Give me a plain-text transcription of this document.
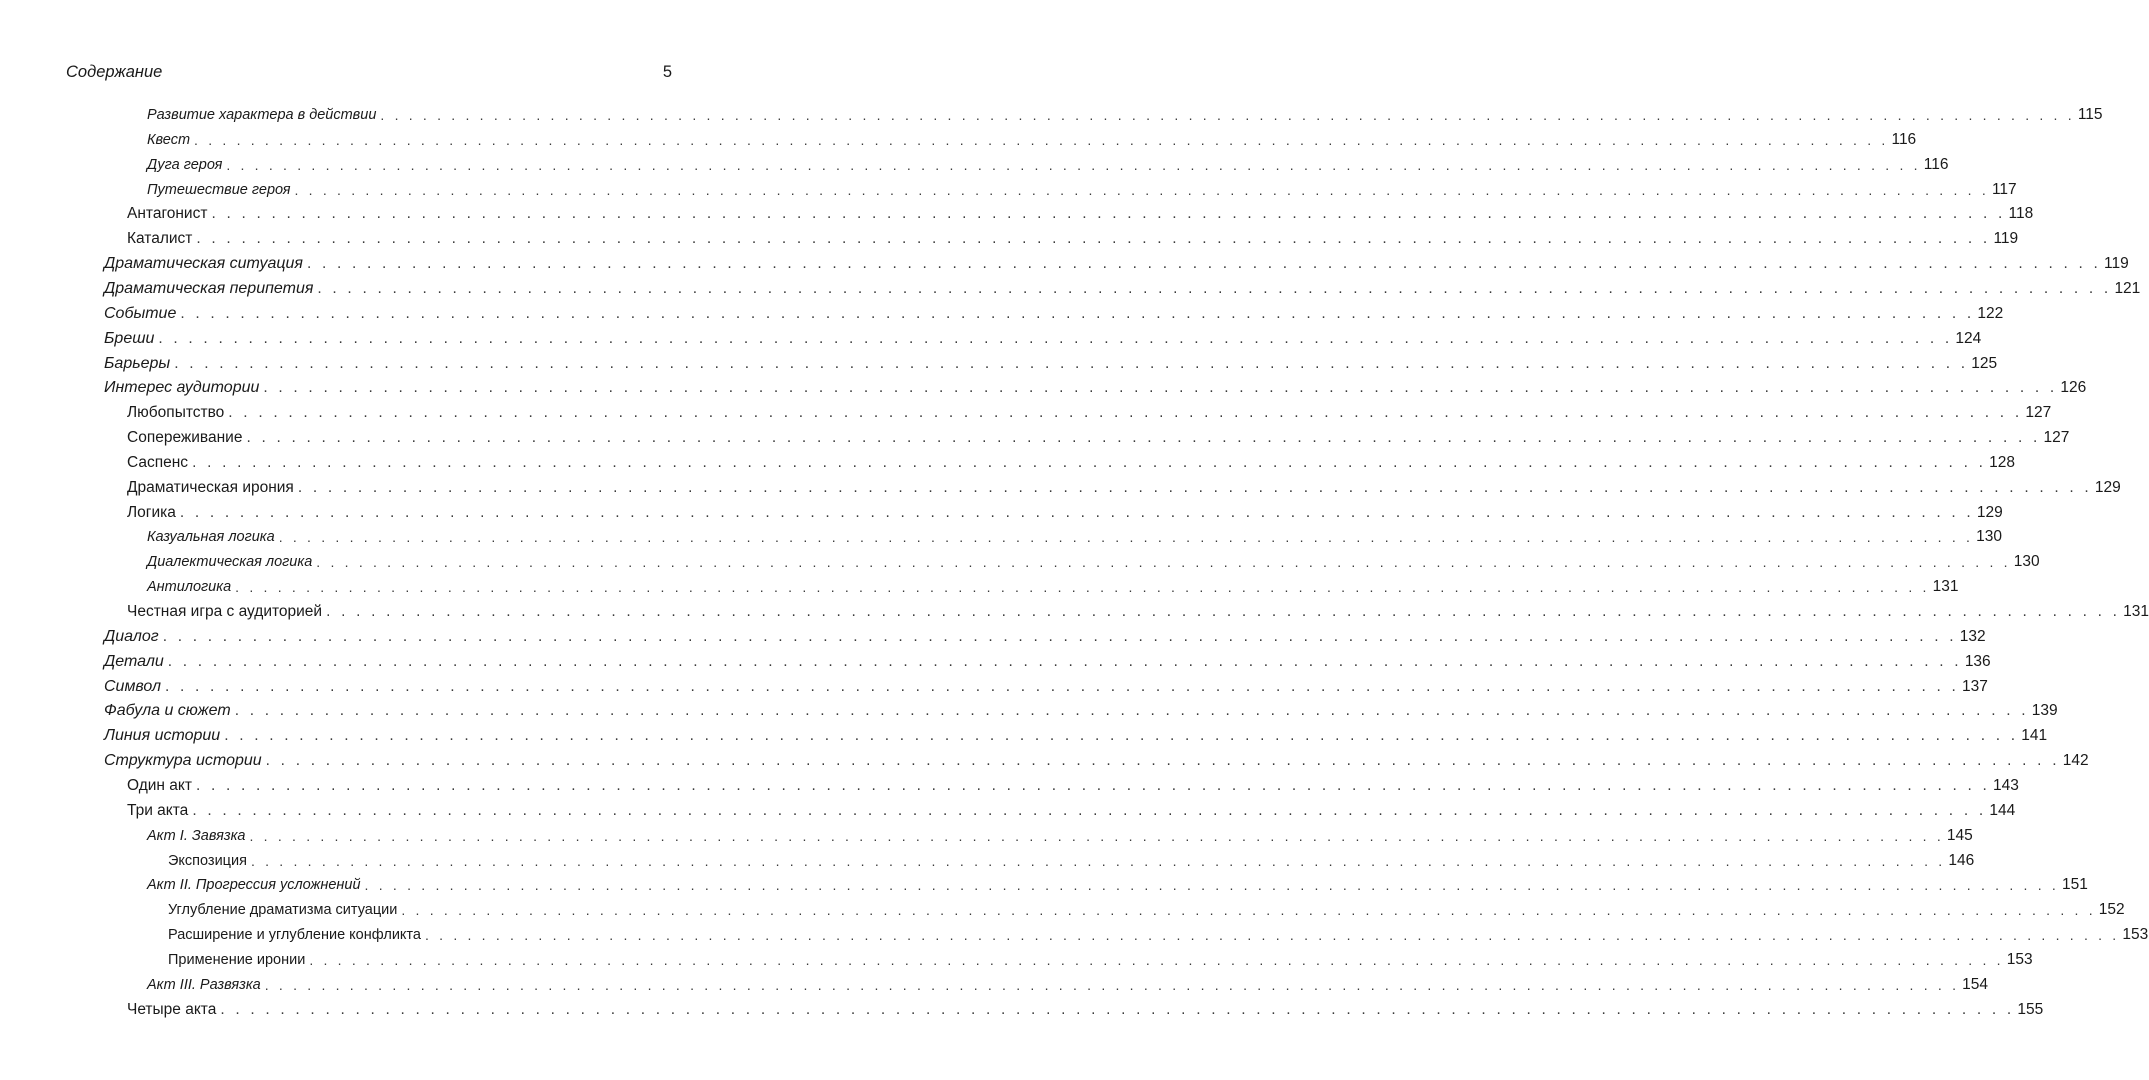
Содержание	5
Развитие характера в действии . . . . . . . . . . . . . . . . . . . . . . . . . . . . . . . . . . . . . . . . . . . . . . . . . . . . . . . . . . . . . . . . . . . . . . . . . . . . . . . . . . . . . . . . . . . . . . . . . . . . . . . . . . . . . . . . . . . . . . . . 115
Квест . . . . . . . . . . . . . . . . . . . . . . . . . . . . . . . . . . . . . . . . . . . . . . . . . . . . . . . . . . . . . . . . . . . . . . . . . . . . . . . . . . . . . . . . . . . . . . . . . . . . . . . . . . . . . . . . . . . . . . . . 116
Дуга героя . . . . . . . . . . . . . . . . . . . . . . . . . . . . . . . . . . . . . . . . . . . . . . . . . . . . . . . . . . . . . . . . . . . . . . . . . . . . . . . . . . . . . . . . . . . . . . . . . . . . . . . . . . . . . . . . . . . . . . . . 116
Путешествие героя . . . . . . . . . . . . . . . . . . . . . . . . . . . . . . . . . . . . . . . . . . . . . . . . . . . . . . . . . . . . . . . . . . . . . . . . . . . . . . . . . . . . . . . . . . . . . . . . . . . . . . . . . . . . . . . . . . . . . . . . 117
Антагонист . . . . . . . . . . . . . . . . . . . . . . . . . . . . . . . . . . . . . . . . . . . . . . . . . . . . . . . . . . . . . . . . . . . . . . . . . . . . . . . . . . . . . . . . . . . . . . . . . . . . . . . . . . . . . . . . . . . . . . . . 118
Каталист . . . . . . . . . . . . . . . . . . . . . . . . . . . . . . . . . . . . . . . . . . . . . . . . . . . . . . . . . . . . . . . . . . . . . . . . . . . . . . . . . . . . . . . . . . . . . . . . . . . . . . . . . . . . . . . . . . . . . . . . 119
Драматическая ситуация . . . . . . . . . . . . . . . . . . . . . . . . . . . . . . . . . . . . . . . . . . . . . . . . . . . . . . . . . . . . . . . . . . . . . . . . . . . . . . . . . . . . . . . . . . . . . . . . . . . . . . . . . . . . . . . . . . . . . . . . 119
Драматическая перипетия . . . . . . . . . . . . . . . . . . . . . . . . . . . . . . . . . . . . . . . . . . . . . . . . . . . . . . . . . . . . . . . . . . . . . . . . . . . . . . . . . . . . . . . . . . . . . . . . . . . . . . . . . . . . . . . . . . . . . . . . 121
Событие . . . . . . . . . . . . . . . . . . . . . . . . . . . . . . . . . . . . . . . . . . . . . . . . . . . . . . . . . . . . . . . . . . . . . . . . . . . . . . . . . . . . . . . . . . . . . . . . . . . . . . . . . . . . . . . . . . . . . . . . 122
Бреши . . . . . . . . . . . . . . . . . . . . . . . . . . . . . . . . . . . . . . . . . . . . . . . . . . . . . . . . . . . . . . . . . . . . . . . . . . . . . . . . . . . . . . . . . . . . . . . . . . . . . . . . . . . . . . . . . . . . . . . . 124
Барьеры . . . . . . . . . . . . . . . . . . . . . . . . . . . . . . . . . . . . . . . . . . . . . . . . . . . . . . . . . . . . . . . . . . . . . . . . . . . . . . . . . . . . . . . . . . . . . . . . . . . . . . . . . . . . . . . . . . . . . . . . 125
Интерес аудитории . . . . . . . . . . . . . . . . . . . . . . . . . . . . . . . . . . . . . . . . . . . . . . . . . . . . . . . . . . . . . . . . . . . . . . . . . . . . . . . . . . . . . . . . . . . . . . . . . . . . . . . . . . . . . . . . . . . . . . . . 126
Любопытство . . . . . . . . . . . . . . . . . . . . . . . . . . . . . . . . . . . . . . . . . . . . . . . . . . . . . . . . . . . . . . . . . . . . . . . . . . . . . . . . . . . . . . . . . . . . . . . . . . . . . . . . . . . . . . . . . . . . . . . . 127
Сопереживание . . . . . . . . . . . . . . . . . . . . . . . . . . . . . . . . . . . . . . . . . . . . . . . . . . . . . . . . . . . . . . . . . . . . . . . . . . . . . . . . . . . . . . . . . . . . . . . . . . . . . . . . . . . . . . . . . . . . . . . . 127
Саспенс . . . . . . . . . . . . . . . . . . . . . . . . . . . . . . . . . . . . . . . . . . . . . . . . . . . . . . . . . . . . . . . . . . . . . . . . . . . . . . . . . . . . . . . . . . . . . . . . . . . . . . . . . . . . . . . . . . . . . . . . 128
Драматическая ирония . . . . . . . . . . . . . . . . . . . . . . . . . . . . . . . . . . . . . . . . . . . . . . . . . . . . . . . . . . . . . . . . . . . . . . . . . . . . . . . . . . . . . . . . . . . . . . . . . . . . . . . . . . . . . . . . . . . . . . . . 129
Логика . . . . . . . . . . . . . . . . . . . . . . . . . . . . . . . . . . . . . . . . . . . . . . . . . . . . . . . . . . . . . . . . . . . . . . . . . . . . . . . . . . . . . . . . . . . . . . . . . . . . . . . . . . . . . . . . . . . . . . . . 129
Казуальная логика . . . . . . . . . . . . . . . . . . . . . . . . . . . . . . . . . . . . . . . . . . . . . . . . . . . . . . . . . . . . . . . . . . . . . . . . . . . . . . . . . . . . . . . . . . . . . . . . . . . . . . . . . . . . . . . . . . . . . . . . 130
Диалектическая логика . . . . . . . . . . . . . . . . . . . . . . . . . . . . . . . . . . . . . . . . . . . . . . . . . . . . . . . . . . . . . . . . . . . . . . . . . . . . . . . . . . . . . . . . . . . . . . . . . . . . . . . . . . . . . . . . . . . . . . . . 130
Антилогика . . . . . . . . . . . . . . . . . . . . . . . . . . . . . . . . . . . . . . . . . . . . . . . . . . . . . . . . . . . . . . . . . . . . . . . . . . . . . . . . . . . . . . . . . . . . . . . . . . . . . . . . . . . . . . . . . . . . . . . . 131
Честная игра с аудиторией . . . . . . . . . . . . . . . . . . . . . . . . . . . . . . . . . . . . . . . . . . . . . . . . . . . . . . . . . . . . . . . . . . . . . . . . . . . . . . . . . . . . . . . . . . . . . . . . . . . . . . . . . . . . . . . . . . . . . . . . 131
Диалог . . . . . . . . . . . . . . . . . . . . . . . . . . . . . . . . . . . . . . . . . . . . . . . . . . . . . . . . . . . . . . . . . . . . . . . . . . . . . . . . . . . . . . . . . . . . . . . . . . . . . . . . . . . . . . . . . . . . . . . . 132
Детали . . . . . . . . . . . . . . . . . . . . . . . . . . . . . . . . . . . . . . . . . . . . . . . . . . . . . . . . . . . . . . . . . . . . . . . . . . . . . . . . . . . . . . . . . . . . . . . . . . . . . . . . . . . . . . . . . . . . . . . . 136
Символ . . . . . . . . . . . . . . . . . . . . . . . . . . . . . . . . . . . . . . . . . . . . . . . . . . . . . . . . . . . . . . . . . . . . . . . . . . . . . . . . . . . . . . . . . . . . . . . . . . . . . . . . . . . . . . . . . . . . . . . . 137
Фабула и сюжет . . . . . . . . . . . . . . . . . . . . . . . . . . . . . . . . . . . . . . . . . . . . . . . . . . . . . . . . . . . . . . . . . . . . . . . . . . . . . . . . . . . . . . . . . . . . . . . . . . . . . . . . . . . . . . . . . . . . . . . . 139
Линия истории . . . . . . . . . . . . . . . . . . . . . . . . . . . . . . . . . . . . . . . . . . . . . . . . . . . . . . . . . . . . . . . . . . . . . . . . . . . . . . . . . . . . . . . . . . . . . . . . . . . . . . . . . . . . . . . . . . . . . . . . 141
Структура истории . . . . . . . . . . . . . . . . . . . . . . . . . . . . . . . . . . . . . . . . . . . . . . . . . . . . . . . . . . . . . . . . . . . . . . . . . . . . . . . . . . . . . . . . . . . . . . . . . . . . . . . . . . . . . . . . . . . . . . . . 142
Один акт . . . . . . . . . . . . . . . . . . . . . . . . . . . . . . . . . . . . . . . . . . . . . . . . . . . . . . . . . . . . . . . . . . . . . . . . . . . . . . . . . . . . . . . . . . . . . . . . . . . . . . . . . . . . . . . . . . . . . . . . 143
Три акта . . . . . . . . . . . . . . . . . . . . . . . . . . . . . . . . . . . . . . . . . . . . . . . . . . . . . . . . . . . . . . . . . . . . . . . . . . . . . . . . . . . . . . . . . . . . . . . . . . . . . . . . . . . . . . . . . . . . . . . . 144
Акт I. Завязка . . . . . . . . . . . . . . . . . . . . . . . . . . . . . . . . . . . . . . . . . . . . . . . . . . . . . . . . . . . . . . . . . . . . . . . . . . . . . . . . . . . . . . . . . . . . . . . . . . . . . . . . . . . . . . . . . . . . . . . . 145
Экспозиция . . . . . . . . . . . . . . . . . . . . . . . . . . . . . . . . . . . . . . . . . . . . . . . . . . . . . . . . . . . . . . . . . . . . . . . . . . . . . . . . . . . . . . . . . . . . . . . . . . . . . . . . . . . . . . . . . . . . . . . . 146
Акт II. Прогрессия усложнений . . . . . . . . . . . . . . . . . . . . . . . . . . . . . . . . . . . . . . . . . . . . . . . . . . . . . . . . . . . . . . . . . . . . . . . . . . . . . . . . . . . . . . . . . . . . . . . . . . . . . . . . . . . . . . . . . . . . . . . . 151
Углубление драматизма ситуации . . . . . . . . . . . . . . . . . . . . . . . . . . . . . . . . . . . . . . . . . . . . . . . . . . . . . . . . . . . . . . . . . . . . . . . . . . . . . . . . . . . . . . . . . . . . . . . . . . . . . . . . . . . . . . . . . . . . . . . . 152
Расширение и углубление конфликта . . . . . . . . . . . . . . . . . . . . . . . . . . . . . . . . . . . . . . . . . . . . . . . . . . . . . . . . . . . . . . . . . . . . . . . . . . . . . . . . . . . . . . . . . . . . . . . . . . . . . . . . . . . . . . . . . . . . . . . . 153
Применение иронии . . . . . . . . . . . . . . . . . . . . . . . . . . . . . . . . . . . . . . . . . . . . . . . . . . . . . . . . . . . . . . . . . . . . . . . . . . . . . . . . . . . . . . . . . . . . . . . . . . . . . . . . . . . . . . . . . . . . . . . . 153
Акт III. Развязка . . . . . . . . . . . . . . . . . . . . . . . . . . . . . . . . . . . . . . . . . . . . . . . . . . . . . . . . . . . . . . . . . . . . . . . . . . . . . . . . . . . . . . . . . . . . . . . . . . . . . . . . . . . . . . . . . . . . . . . . 154
Четыре акта . . . . . . . . . . . . . . . . . . . . . . . . . . . . . . . . . . . . . . . . . . . . . . . . . . . . . . . . . . . . . . . . . . . . . . . . . . . . . . . . . . . . . . . . . . . . . . . . . . . . . . . . . . . . . . . . . . . . . . . . 155
